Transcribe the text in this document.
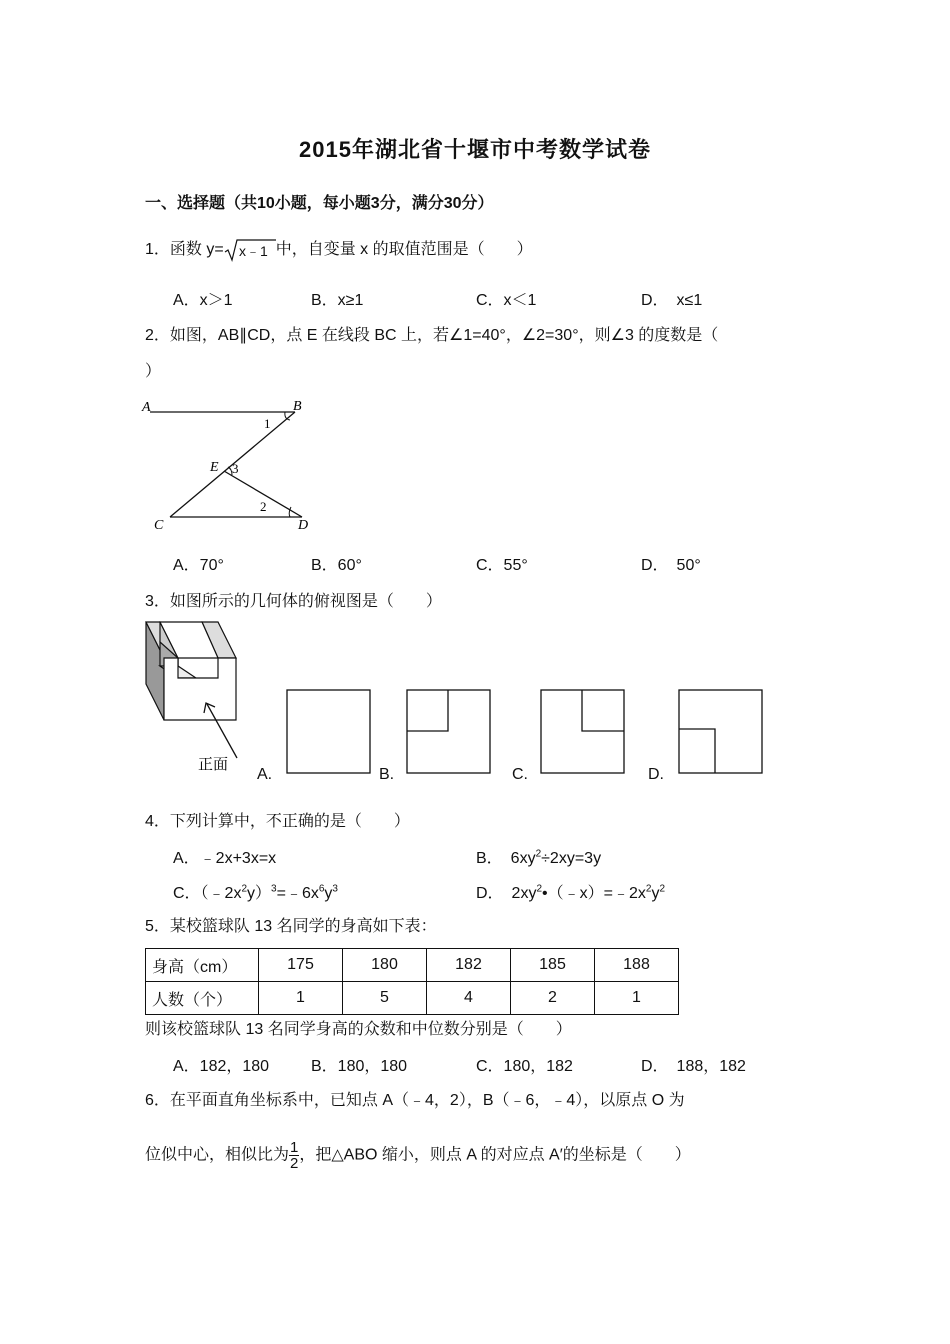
2015年湖北省十堰市中考数学试卷
一、选择题（共10小题，每小题3分，满分30分）
1．函数 y= x﹣1 中，自变量 x 的取值范围是（　　）
A．x＞1	B．x≥1	C．x＜1	D．　x≤1
2．如图，AB∥CD，点 E 在线段 BC 上，若∠1=40°，∠2=30°，则∠3 的度数是（
）
A	B
C	D
E
1
2
3
A．70°	B．60°	C．55°	D．　50°
3．如图所示的几何体的俯视图是（　　）
正面
A.	B.	C.	D.
4．下列计算中，不正确的是（　　）
A．﹣2x+3x=x	B．　$6xy^2\div 2xy=3y$
C．$(﹣2x^2y)^3=﹣6x^6y^3$	D．　$2xy^2•(﹣x)=﹣2x^2y^2$
5．某校篮球队 13 名同学的身高如下表：
身高（cm）	175	180	182	185	188
人数（个）	1	5	4	2	1
则该校篮球队 13 名同学身高的众数和中位数分别是（　　）
A．182，180	B．180，180	C．180，182	D．　188，182
6．在平面直角坐标系中，已知点 A（﹣4，2），B（﹣6，﹣4），以原点 O 为
位似中心，相似比为 $\frac{1}{2}$ ，把△ABO 缩小，则点 A 的对应点 A′的坐标是（　　）
